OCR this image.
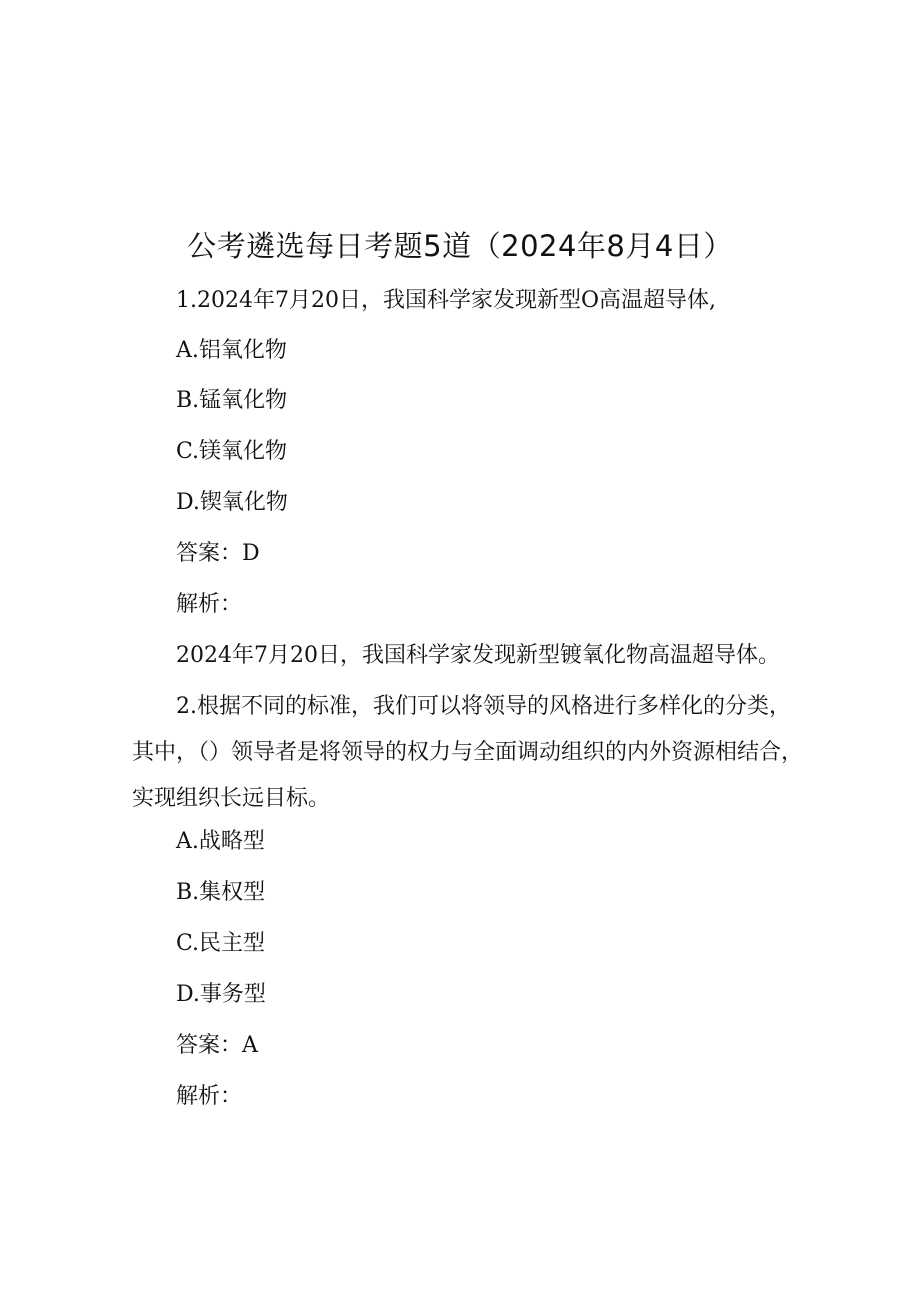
公考遴选每日考题5道（2024年8月4日）

1.2024年7月20日，我国科学家发现新型O高温超导体,

A.铝氧化物

B.锰氧化物

C.镁氧化物

D.锲氧化物

答案：D

解析：

2024年7月20日，我国科学家发现新型镀氧化物高温超导体。

2.根据不同的标准，我们可以将领导的风格进行多样化的分类，其中，（）领导者是将领导的权力与全面调动组织的内外资源相结合，实现组织长远目标。

A.战略型

B.集权型

C.民主型

D.事务型

答案：A

解析：
